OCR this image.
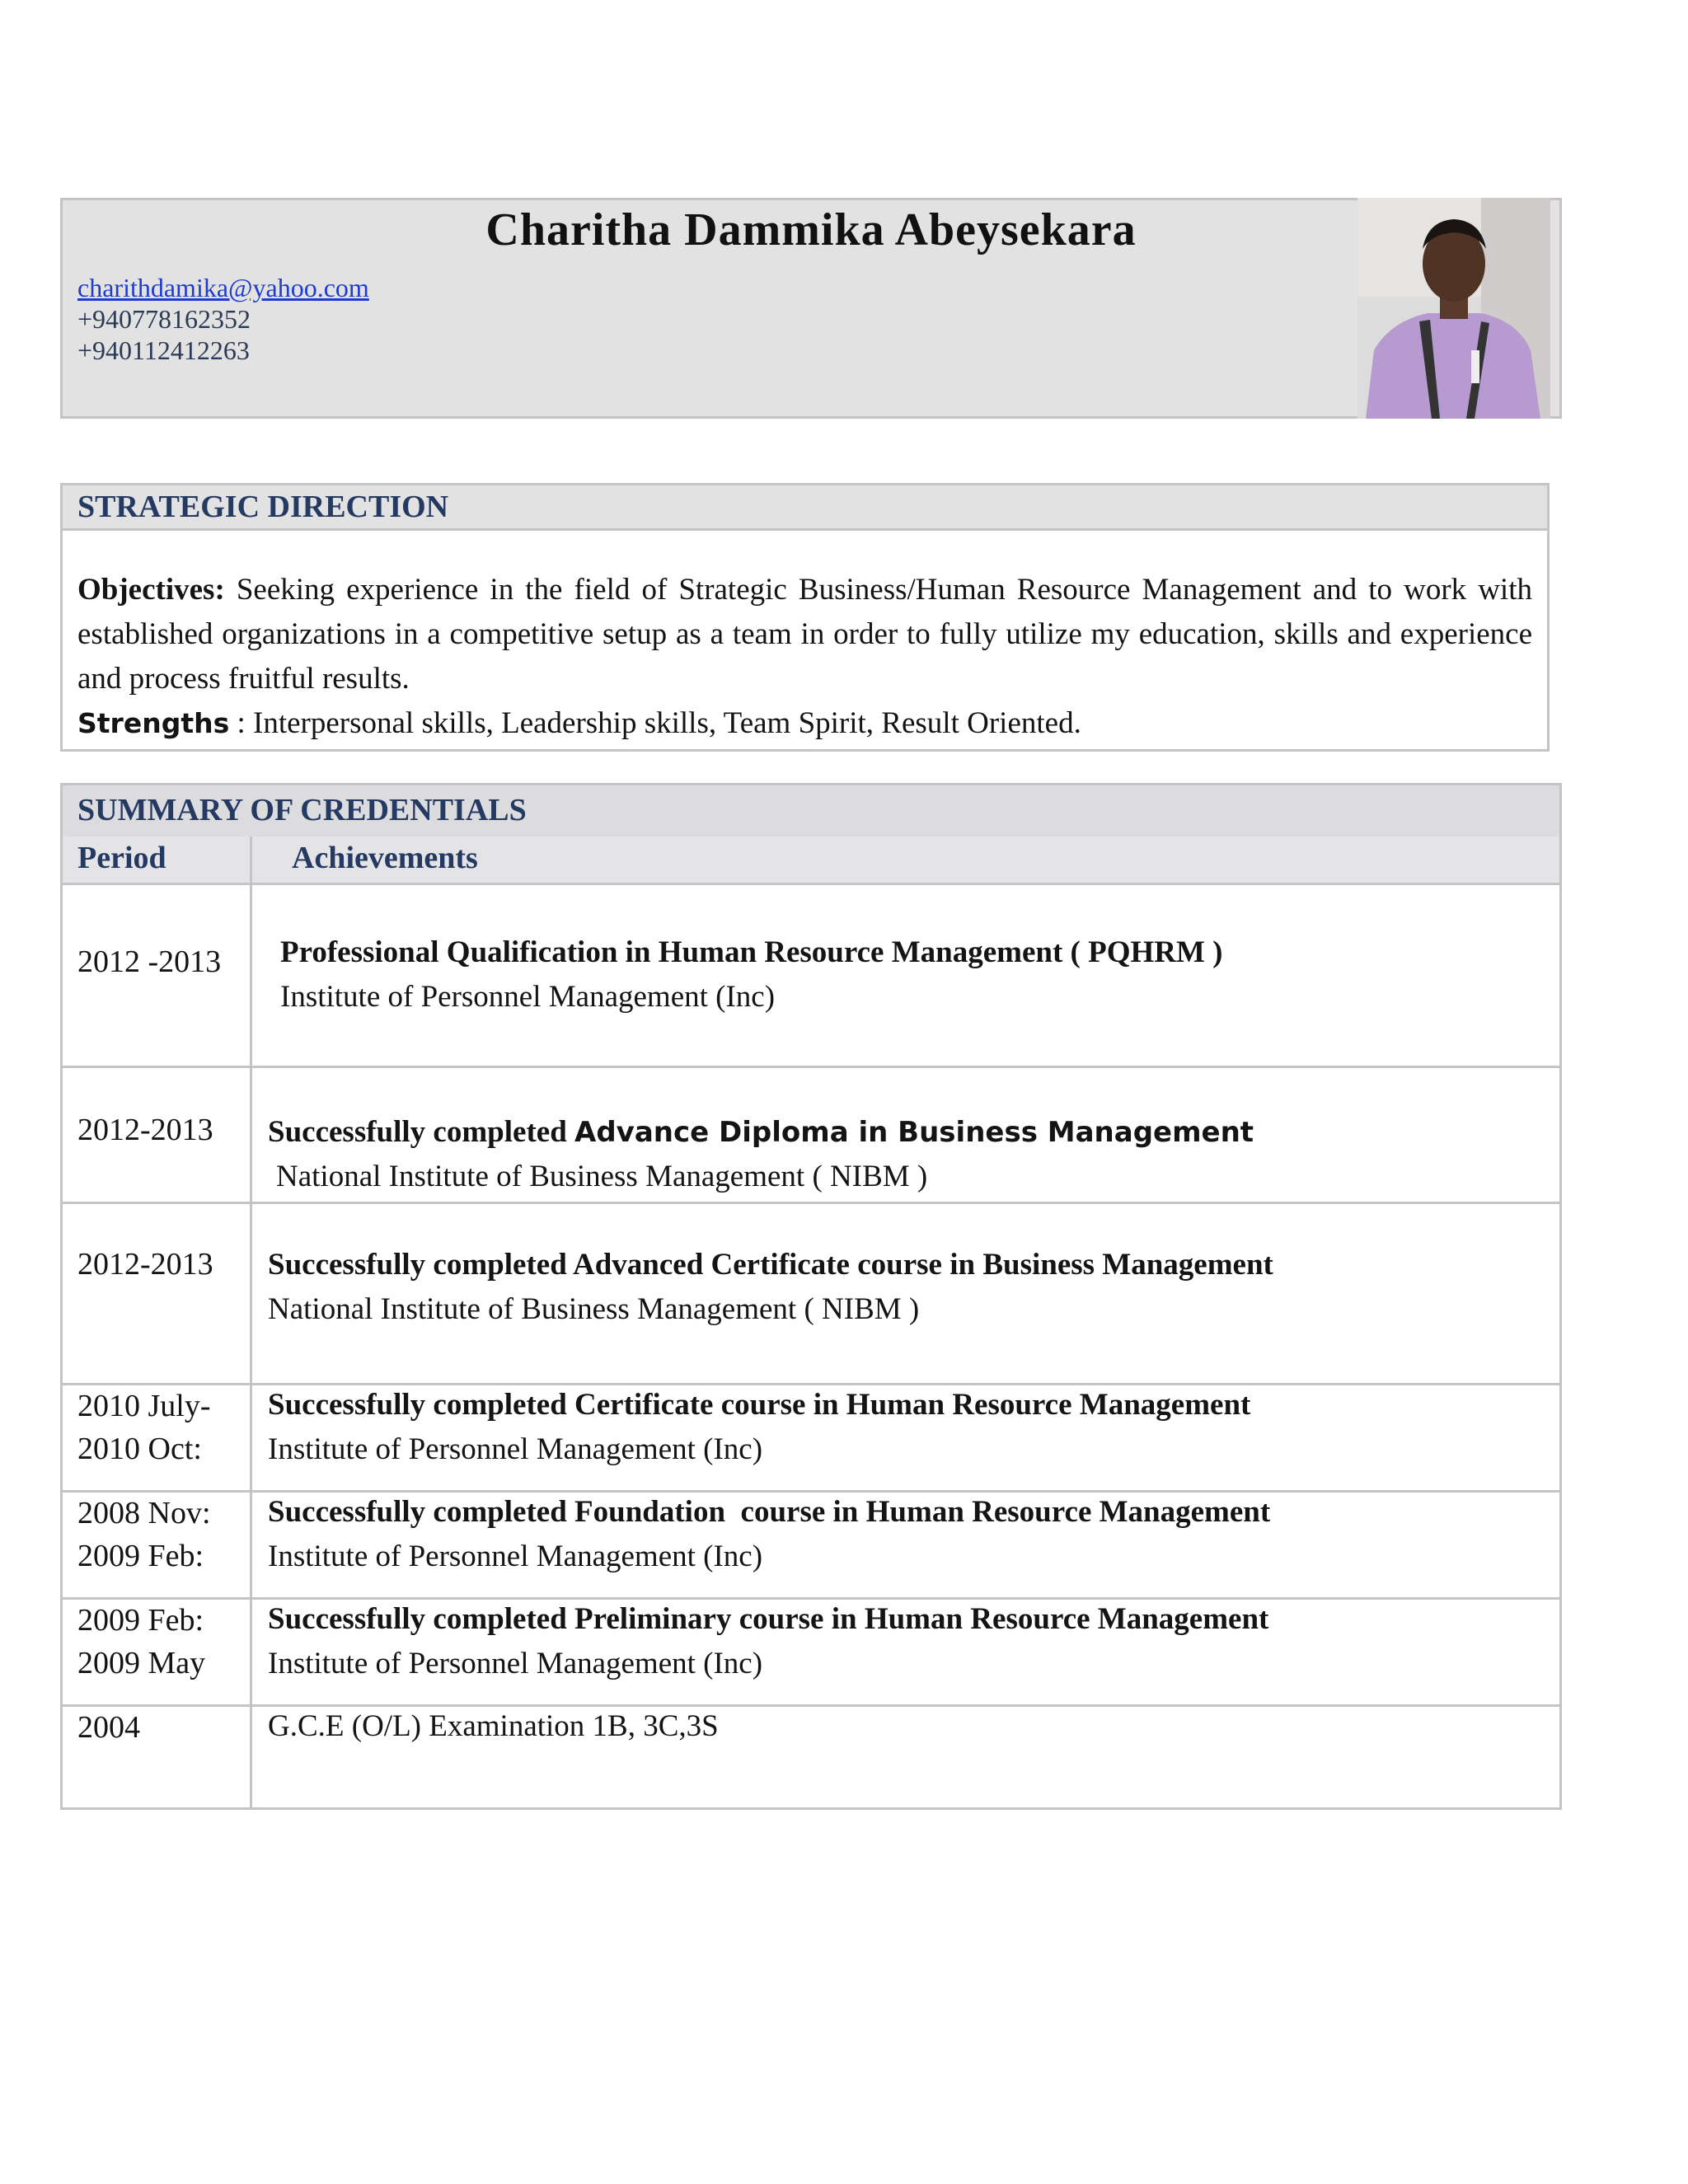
Charitha Dammika Abeysekara
charithdamika@yahoo.com
+940778162352
+940112412263
STRATEGIC DIRECTION
Objectives: Seeking experience in the field of Strategic Business/Human Resource Management and to work with established organizations in a competitive setup as a team in order to fully utilize my education, skills and experience and process fruitful results.
Strengths : Interpersonal skills, Leadership skills, Team Spirit, Result Oriented.
SUMMARY OF CREDENTIALS
Period	Achievements
2012 -2013 Professional Qualification in Human Resource Management ( PQHRM )
Institute of Personnel Management (Inc)
2012-2013 Successfully completed Advance Diploma in Business Management
National Institute of Business Management ( NIBM )
2012-2013 Successfully completed Advanced Certificate course in Business Management
National Institute of Business Management ( NIBM )
2010 July-
2010 Oct:
Successfully completed Certificate course in Human Resource Management
Institute of Personnel Management (Inc)
2008 Nov:
2009 Feb:
Successfully completed Foundation  course in Human Resource Management
Institute of Personnel Management (Inc)
2009 Feb:
2009 May
Successfully completed Preliminary course in Human Resource Management
Institute of Personnel Management (Inc)
2004	G.C.E (O/L) Examination 1B, 3C,3S
